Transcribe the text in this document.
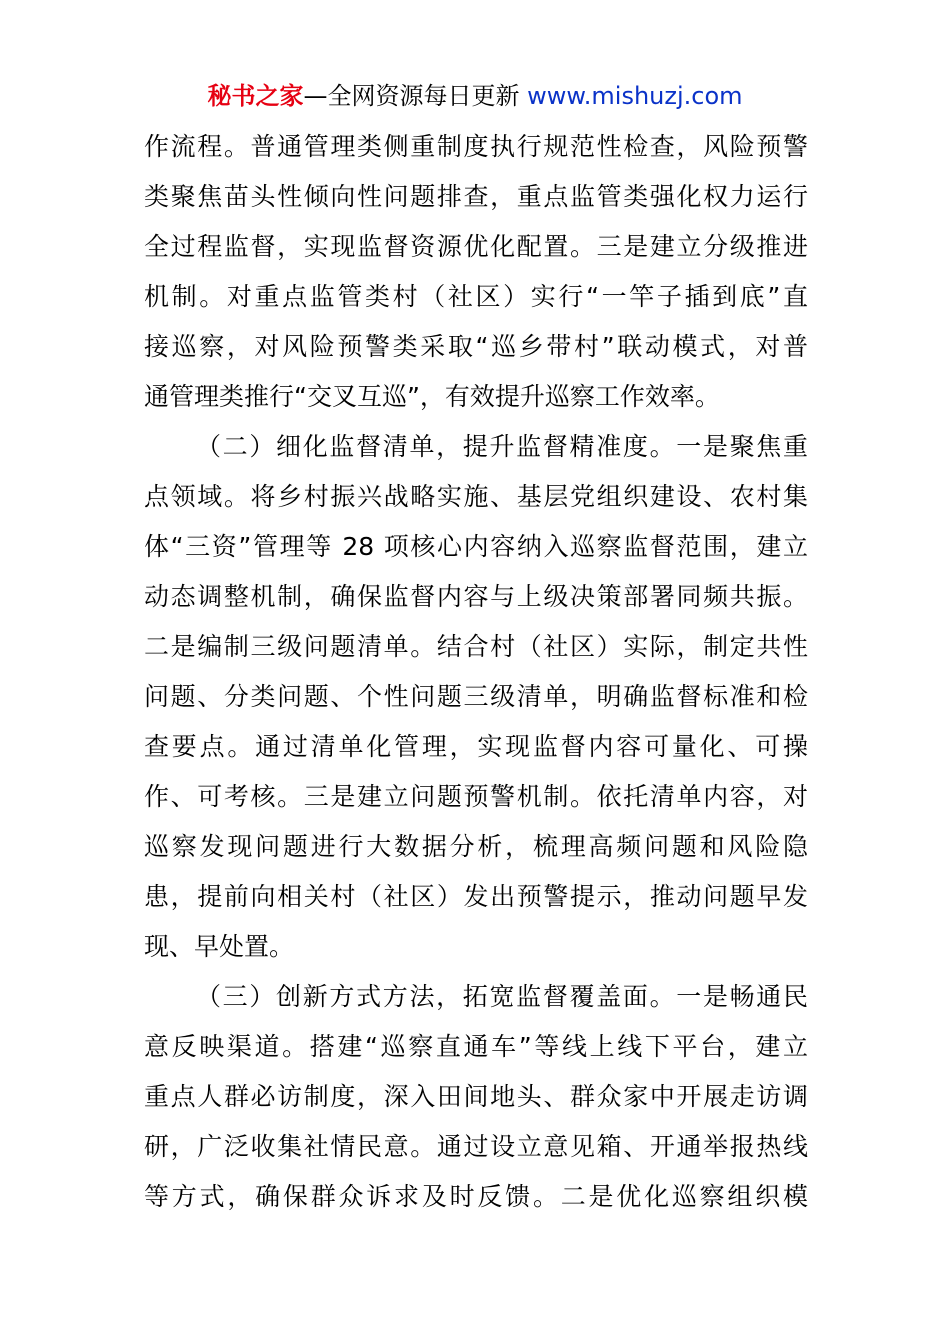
秘书之家—全网资源每日更新 www.mishuzj.com
作流程。普通管理类侧重制度执行规范性检查，风险预警
类聚焦苗头性倾向性问题排查，重点监管类强化权力运行
全过程监督，实现监督资源优化配置。三是建立分级推进
机制。对重点监管类村（社区）实行“一竿子插到底”直
接巡察，对风险预警类采取“巡乡带村”联动模式，对普
通管理类推行“交叉互巡”，有效提升巡察工作效率。
（二）细化监督清单，提升监督精准度。一是聚焦重
点领域。将乡村振兴战略实施、基层党组织建设、农村集
体“三资”管理等 28 项核心内容纳入巡察监督范围，建立
动态调整机制，确保监督内容与上级决策部署同频共振。
二是编制三级问题清单。结合村（社区）实际，制定共性
问题、分类问题、个性问题三级清单，明确监督标准和检
查要点。通过清单化管理，实现监督内容可量化、可操
作、可考核。三是建立问题预警机制。依托清单内容，对
巡察发现问题进行大数据分析，梳理高频问题和风险隐
患，提前向相关村（社区）发出预警提示，推动问题早发
现、早处置。
（三）创新方式方法，拓宽监督覆盖面。一是畅通民
意反映渠道。搭建“巡察直通车”等线上线下平台，建立
重点人群必访制度，深入田间地头、群众家中开展走访调
研，广泛收集社情民意。通过设立意见箱、开通举报热线
等方式，确保群众诉求及时反馈。二是优化巡察组织模
